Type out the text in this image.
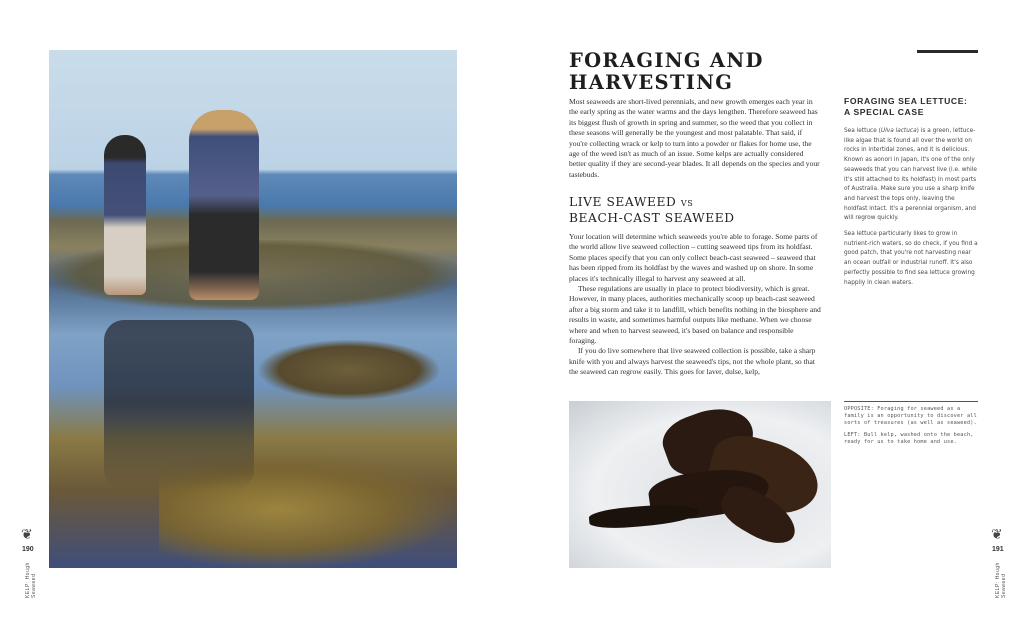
❦
190
KELP: Hough Seaweed
FORAGING AND
HARVESTING

Most seaweeds are short-lived perennials, and new growth emerges each year in the early spring as the water warms and the days lengthen. Therefore seaweed has its biggest flush of growth in spring and summer, so the weed that you collect in these seasons will generally be the youngest and most palatable. That said, if you're collecting wrack or kelp to turn into a powder or flakes for home use, the age of the weed isn't as much of an issue. Some kelps are actually considered better quality if they are second-year blades. It all depends on the species and your tastebuds.

LIVE SEAWEED VS
BEACH-CAST SEAWEED

Your location will determine which seaweeds you're able to forage. Some parts of the world allow live seaweed collection – cutting seaweed tips from its holdfast. Some places specify that you can only collect beach-cast seaweed – seaweed that has been ripped from its holdfast by the waves and washed up on shore. In some places it's technically illegal to harvest any seaweed at all.

These regulations are usually in place to protect biodiversity, which is great. However, in many places, authorities mechanically scoop up beach-cast seaweed after a big storm and take it to landfill, which benefits nothing in the biosphere and results in waste, and sometimes harmful outputs like methane. When we choose where and when to harvest seaweed, it's based on balance and responsible foraging.

If you do live somewhere that live seaweed collection is possible, take a sharp knife with you and always harvest the seaweed's tips, not the whole plant, so that the seaweed can regrow easily. This goes for laver, dulse, kelp,

FORAGING SEA LETTUCE:
A SPECIAL CASE

Sea lettuce (Ulva lactuca) is a green, lettuce-like algae that is found all over the world on rocks in intertidal zones, and it is delicious. Known as aonori in Japan, it's one of the only seaweeds that you can harvest live (i.e. while it's still attached to its holdfast) in most parts of Australia. Make sure you use a sharp knife and harvest the tops only, leaving the holdfast intact. It's a perennial organism, and will regrow quickly.

Sea lettuce particularly likes to grow in nutrient-rich waters, so do check, if you find a good patch, that you're not harvesting near an ocean outfall or industrial runoff. It's also perfectly possible to find sea lettuce growing happily in clean waters.

OPPOSITE: Foraging for seaweed as a family is an opportunity to discover all sorts of treasures (as well as seaweed).

LEFT: Bull kelp, washed onto the beach, ready for us to take home and use.

❦
191
KELP: Hough Seaweed
